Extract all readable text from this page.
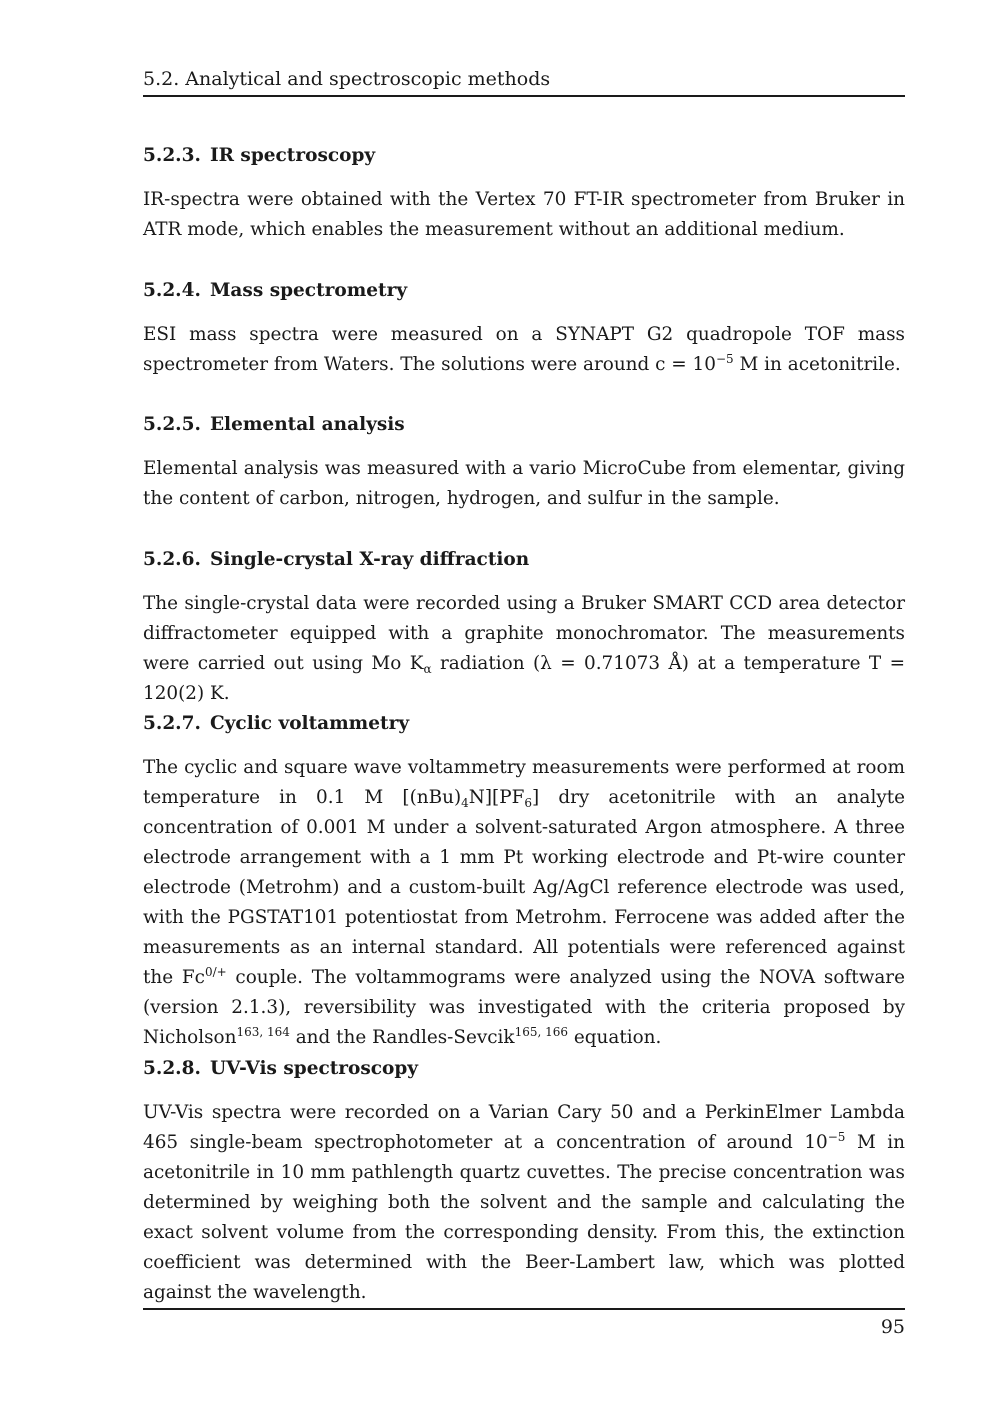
5.2. Analytical and spectroscopic methods
5.2.3. IR spectroscopy

IR-spectra were obtained with the Vertex 70 FT-IR spectrometer from Bruker in ATR mode, which enables the measurement without an additional medium.

5.2.4. Mass spectrometry

ESI mass spectra were measured on a SYNAPT G2 quadropole TOF mass spectrometer from Waters. The solutions were around $c = 10^{-5}$ M in acetonitrile.

5.2.5. Elemental analysis

Elemental analysis was measured with a vario MicroCube from elementar, giving the content of carbon, nitrogen, hydrogen, and sulfur in the sample.

5.2.6. Single-crystal X-ray diffraction

The single-crystal data were recorded using a Bruker SMART CCD area detector diffractometer equipped with a graphite monochromator. The measurements were carried out using Mo $K_\alpha$ radiation (λ = 0.71073 Å) at a temperature T = 120(2) K.

5.2.7. Cyclic voltammetry

The cyclic and square wave voltammetry measurements were performed at room temperature in 0.1 M $[(nBu)_4N][PF_6]$ dry acetonitrile with an analyte concentration of 0.001 M under a solvent-saturated Argon atmosphere. A three electrode arrangement with a 1 mm Pt working electrode and Pt-wire counter electrode (Metrohm) and a custom-built Ag/AgCl reference electrode was used, with the PGSTAT101 potentiostat from Metrohm. Ferrocene was added after the measurements as an internal standard. All potentials were referenced against the $Fc^{0/+}$ couple. The voltammograms were analyzed using the NOVA software (version 2.1.3), reversibility was investigated with the criteria proposed by Nicholson$^{163, 164}$ and the Randles-Sevcik$^{165, 166}$ equation.

5.2.8. UV-Vis spectroscopy

UV-Vis spectra were recorded on a Varian Cary 50 and a PerkinElmer Lambda 465 single-beam spectrophotometer at a concentration of around $10^{-5}$ M in acetonitrile in 10 mm pathlength quartz cuvettes. The precise concentration was determined by weighing both the solvent and the sample and calculating the exact solvent volume from the corresponding density. From this, the extinction coefficient was determined with the Beer-Lambert law, which was plotted against the wavelength.

95
